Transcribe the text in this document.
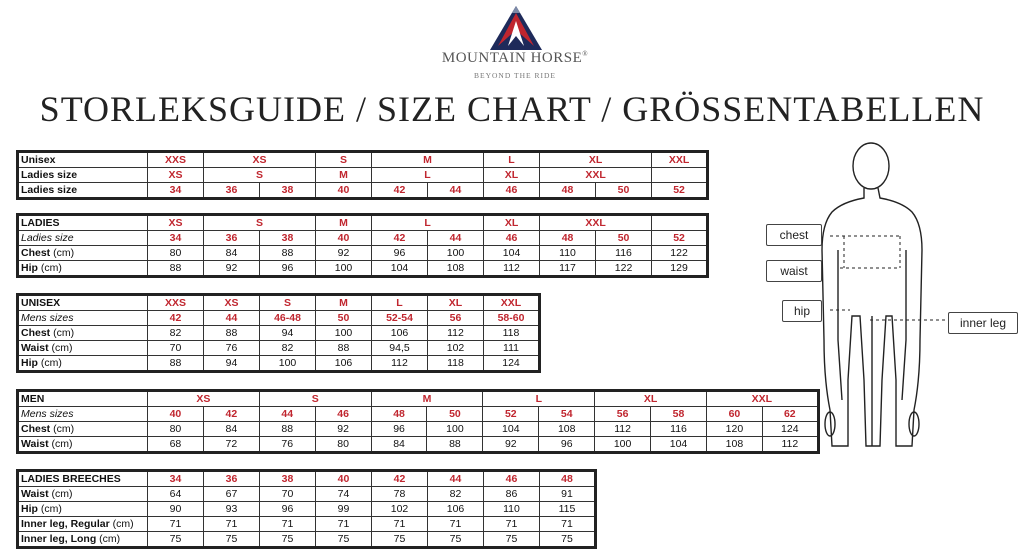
MOUNTAIN HORSE®
BEYOND THE RIDE
STORLEKSGUIDE / SIZE CHART / GRÖSSENTABELLEN
Unisex	XXS	XS		S	M		L	XL		XXL
Ladies size	XS	S		M	L		XL	XXL		
Ladies size	34	36	38	40	42	44	46	48	50	52
LADIES	XS	S		M	L		XL	XXL		
Ladies size	34	36	38	40	42	44	46	48	50	52
Chest (cm)	80	84	88	92	96	100	104	110	116	122
Hip (cm)	88	92	96	100	104	108	112	117	122	129
UNISEX	XXS	XS	S	M	L	XL	XXL
Mens sizes	42	44	46-48	50	52-54	56	58-60
Chest (cm)	82	88	94	100	106	112	118
Waist (cm)	70	76	82	88	94,5	102	111
Hip (cm)	88	94	100	106	112	118	124
MEN	XS		S		M		L		XL		XXL	
Mens sizes	40	42	44	46	48	50	52	54	56	58	60	62
Chest (cm)	80	84	88	92	96	100	104	108	112	116	120	124
Waist (cm)	68	72	76	80	84	88	92	96	100	104	108	112
LADIES BREECHES	34	36	38	40	42	44	46	48
Waist (cm)	64	67	70	74	78	82	86	91
Hip (cm)	90	93	96	99	102	106	110	115
Inner leg, Regular (cm)	71	71	71	71	71	71	71	71
Inner leg, Long (cm)	75	75	75	75	75	75	75	75
chest
waist
hip
inner leg
